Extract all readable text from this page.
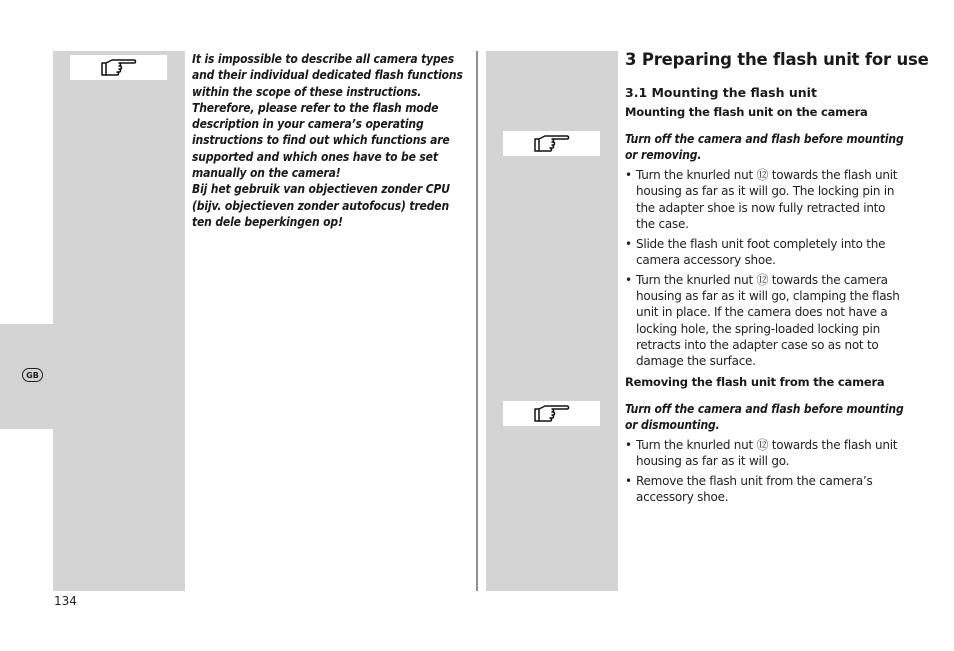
GB

It is impossible to describe all camera types and their individual dedicated flash functions within the scope of these instructions. Therefore, please refer to the flash mode description in your camera’s operating instructions to find out which functions are supported and which ones have to be set manually on the camera!

Bij het gebruik van objectieven zonder CPU (bijv. objectieven zonder autofocus) treden ten dele beperkingen op!

3 Preparing the flash unit for use
3.1 Mounting the flash unit
Mounting the flash unit on the camera
Turn off the camera and flash before mounting or removing.
• Turn the knurled nut ⑫ towards the flash unit housing as far as it will go. The locking pin in the adapter shoe is now fully retracted into the case.
• Slide the flash unit foot completely into the camera accessory shoe.
• Turn the knurled nut ⑫ towards the camera housing as far as it will go, clamping the flash unit in place. If the camera does not have a locking hole, the spring-loaded locking pin retracts into the adapter case so as not to damage the surface.
Removing the flash unit from the camera
Turn off the camera and flash before mounting or dismounting.
• Turn the knurled nut ⑫ towards the flash unit housing as far as it will go.
• Remove the flash unit from the camera’s accessory shoe.
134
